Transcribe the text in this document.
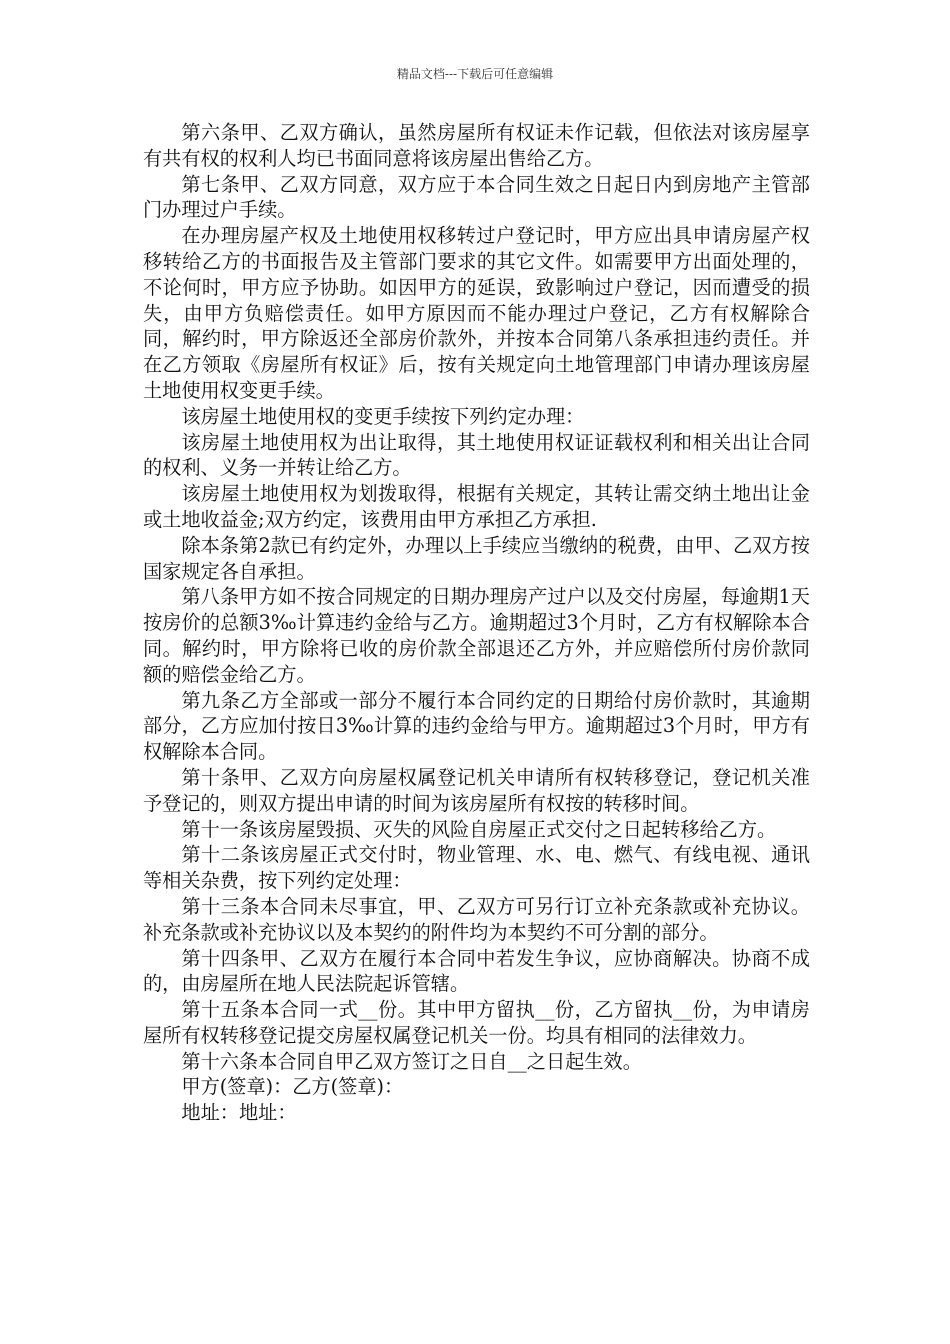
精品文档---下载后可任意编辑

第六条甲、乙双方确认，虽然房屋所有权证未作记载，但依法对该房屋享有共有权的权利人均已书面同意将该房屋出售给乙方。

第七条甲、乙双方同意，双方应于本合同生效之日起日内到房地产主管部门办理过户手续。

在办理房屋产权及土地使用权移转过户登记时，甲方应出具申请房屋产权移转给乙方的书面报告及主管部门要求的其它文件。如需要甲方出面处理的，不论何时，甲方应予协助。如因甲方的延误，致影响过户登记，因而遭受的损失，由甲方负赔偿责任。如甲方原因而不能办理过户登记，乙方有权解除合同，解约时，甲方除返还全部房价款外，并按本合同第八条承担违约责任。并在乙方领取《房屋所有权证》后，按有关规定向土地管理部门申请办理该房屋土地使用权变更手续。

该房屋土地使用权的变更手续按下列约定办理：

该房屋土地使用权为出让取得，其土地使用权证证载权利和相关出让合同的权利、义务一并转让给乙方。

该房屋土地使用权为划拨取得，根据有关规定，其转让需交纳土地出让金或土地收益金;双方约定，该费用由甲方承担乙方承担.

除本条第2款已有约定外，办理以上手续应当缴纳的税费，由甲、乙双方按国家规定各自承担。

第八条甲方如不按合同规定的日期办理房产过户以及交付房屋，每逾期1天按房价的总额3‰计算违约金给与乙方。逾期超过3个月时，乙方有权解除本合同。解约时，甲方除将已收的房价款全部退还乙方外，并应赔偿所付房价款同额的赔偿金给乙方。

第九条乙方全部或一部分不履行本合同约定的日期给付房价款时，其逾期部分，乙方应加付按日3‰计算的违约金给与甲方。逾期超过3个月时，甲方有权解除本合同。

第十条甲、乙双方向房屋权属登记机关申请所有权转移登记，登记机关准予登记的，则双方提出申请的时间为该房屋所有权按的转移时间。

第十一条该房屋毁损、灭失的风险自房屋正式交付之日起转移给乙方。

第十二条该房屋正式交付时，物业管理、水、电、燃气、有线电视、通讯等相关杂费，按下列约定处理：

第十三条本合同未尽事宜，甲、乙双方可另行订立补充条款或补充协议。补充条款或补充协议以及本契约的附件均为本契约不可分割的部分。

第十四条甲、乙双方在履行本合同中若发生争议，应协商解决。协商不成的，由房屋所在地人民法院起诉管辖。

第十五条本合同一式__份。其中甲方留执__份，乙方留执__份，为申请房屋所有权转移登记提交房屋权属登记机关一份。均具有相同的法律效力。

第十六条本合同自甲乙双方签订之日自__之日起生效。

甲方(签章)：乙方(签章)：

地址：地址：
